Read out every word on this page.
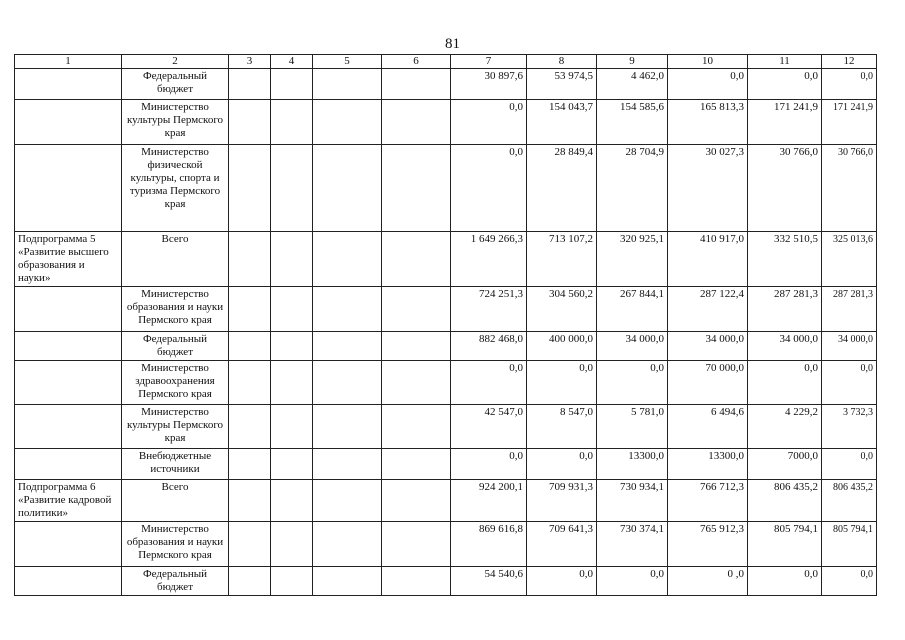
81
1	2	3	4	5	6	7	8	9	10	11	12
	Федеральный бюджет					30 897,6	53 974,5	4 462,0	0,0	0,0	0,0
	Министерство культуры Пермского края					0,0	154 043,7	154 585,6	165 813,3	171 241,9	171 241,9
	Министерство физической культуры, спорта и туризма Пермского края					0,0	28 849,4	28 704,9	30 027,3	30 766,0	30 766,0
Подпрограмма 5 «Развитие высшего образования и науки»	Всего					1 649 266,3	713 107,2	320 925,1	410 917,0	332 510,5	325 013,6
	Министерство образования и науки Пермского края					724 251,3	304 560,2	267 844,1	287 122,4	287 281,3	287 281,3
	Федеральный бюджет					882 468,0	400 000,0	34 000,0	34 000,0	34 000,0	34 000,0
	Министерство здравоохранения Пермского края					0,0	0,0	0,0	70 000,0	0,0	0,0
	Министерство культуры Пермского края					42 547,0	8 547,0	5 781,0	6 494,6	4 229,2	3 732,3
	Внебюджетные источники					0,0	0,0	13300,0	13300,0	7000,0	0,0
Подпрограмма 6 «Развитие кадровой политики»	Всего					924 200,1	709 931,3	730 934,1	766 712,3	806 435,2	806 435,2
	Министерство образования и науки Пермского края					869 616,8	709 641,3	730 374,1	765 912,3	805 794,1	805 794,1
	Федеральный бюджет					54 540,6	0,0	0,0	0 ,0	0,0	0,0
